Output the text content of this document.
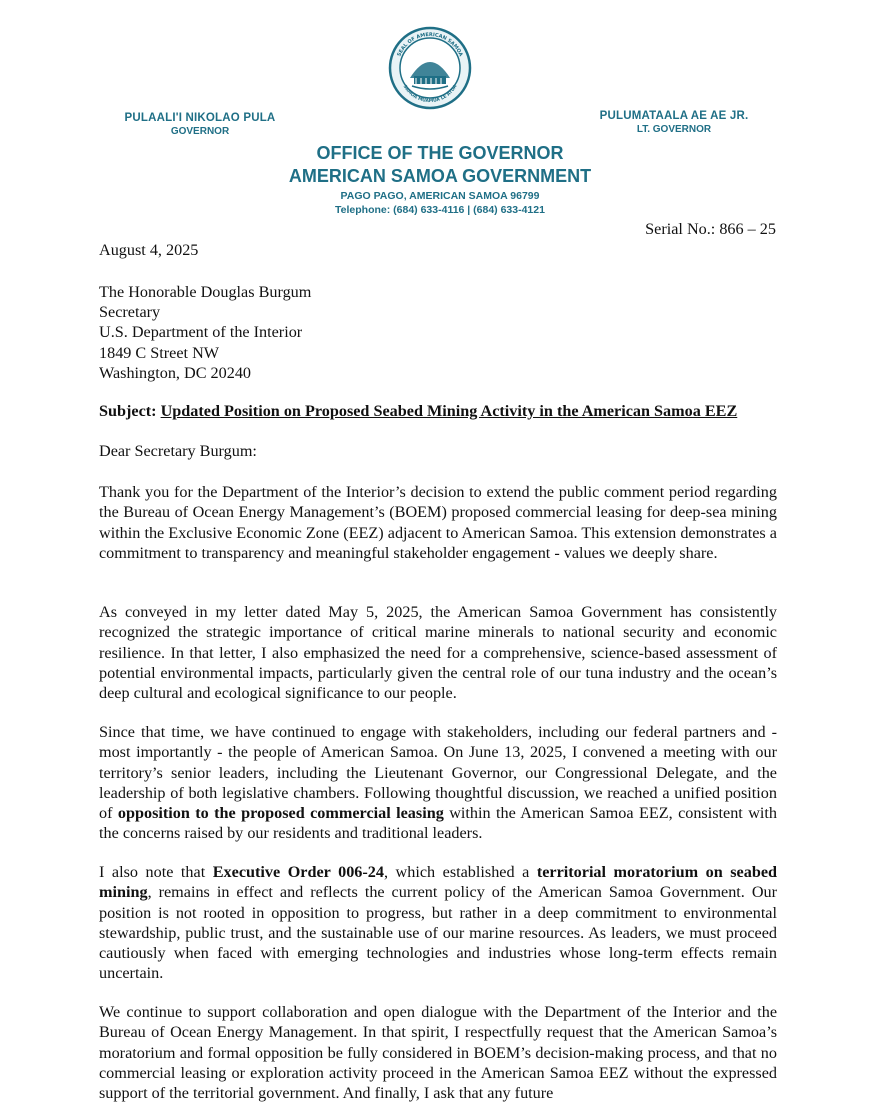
SEAL OF AMERICAN SAMOA
SAMOA MUAMUA LE ATUA
PULAALI'I NIKOLAO PULA
GOVERNOR
PULUMATAALA AE AE JR.
LT. GOVERNOR
OFFICE OF THE GOVERNOR
AMERICAN SAMOA GOVERNMENT
PAGO PAGO, AMERICAN SAMOA 96799
Telephone: (684) 633-4116 | (684) 633-4121
Serial No.: 866 – 25
August 4, 2025
The Honorable Douglas Burgum
Secretary
U.S. Department of the Interior
1849 C Street NW
Washington, DC 20240
Subject: Updated Position on Proposed Seabed Mining Activity in the American Samoa EEZ
Dear Secretary Burgum:
Thank you for the Department of the Interior’s decision to extend the public comment period regarding the Bureau of Ocean Energy Management’s (BOEM) proposed commercial leasing for deep-sea mining within the Exclusive Economic Zone (EEZ) adjacent to American Samoa. This extension demonstrates a commitment to transparency and meaningful stakeholder engagement - values we deeply share.
As conveyed in my letter dated May 5, 2025, the American Samoa Government has consistently recognized the strategic importance of critical marine minerals to national security and economic resilience. In that letter, I also emphasized the need for a comprehensive, science-based assessment of potential environmental impacts, particularly given the central role of our tuna industry and the ocean’s deep cultural and ecological significance to our people.
Since that time, we have continued to engage with stakeholders, including our federal partners and - most importantly - the people of American Samoa. On June 13, 2025, I convened a meeting with our territory’s senior leaders, including the Lieutenant Governor, our Congressional Delegate, and the leadership of both legislative chambers. Following thoughtful discussion, we reached a unified position of opposition to the proposed commercial leasing within the American Samoa EEZ, consistent with the concerns raised by our residents and traditional leaders.
I also note that Executive Order 006-24, which established a territorial moratorium on seabed mining, remains in effect and reflects the current policy of the American Samoa Government. Our position is not rooted in opposition to progress, but rather in a deep commitment to environmental stewardship, public trust, and the sustainable use of our marine resources. As leaders, we must proceed cautiously when faced with emerging technologies and industries whose long-term effects remain uncertain.
We continue to support collaboration and open dialogue with the Department of the Interior and the Bureau of Ocean Energy Management. In that spirit, I respectfully request that the American Samoa’s moratorium and formal opposition be fully considered in BOEM’s decision-making process, and that no commercial leasing or exploration activity proceed in the American Samoa EEZ without the expressed support of the territorial government. And finally, I ask that any future
